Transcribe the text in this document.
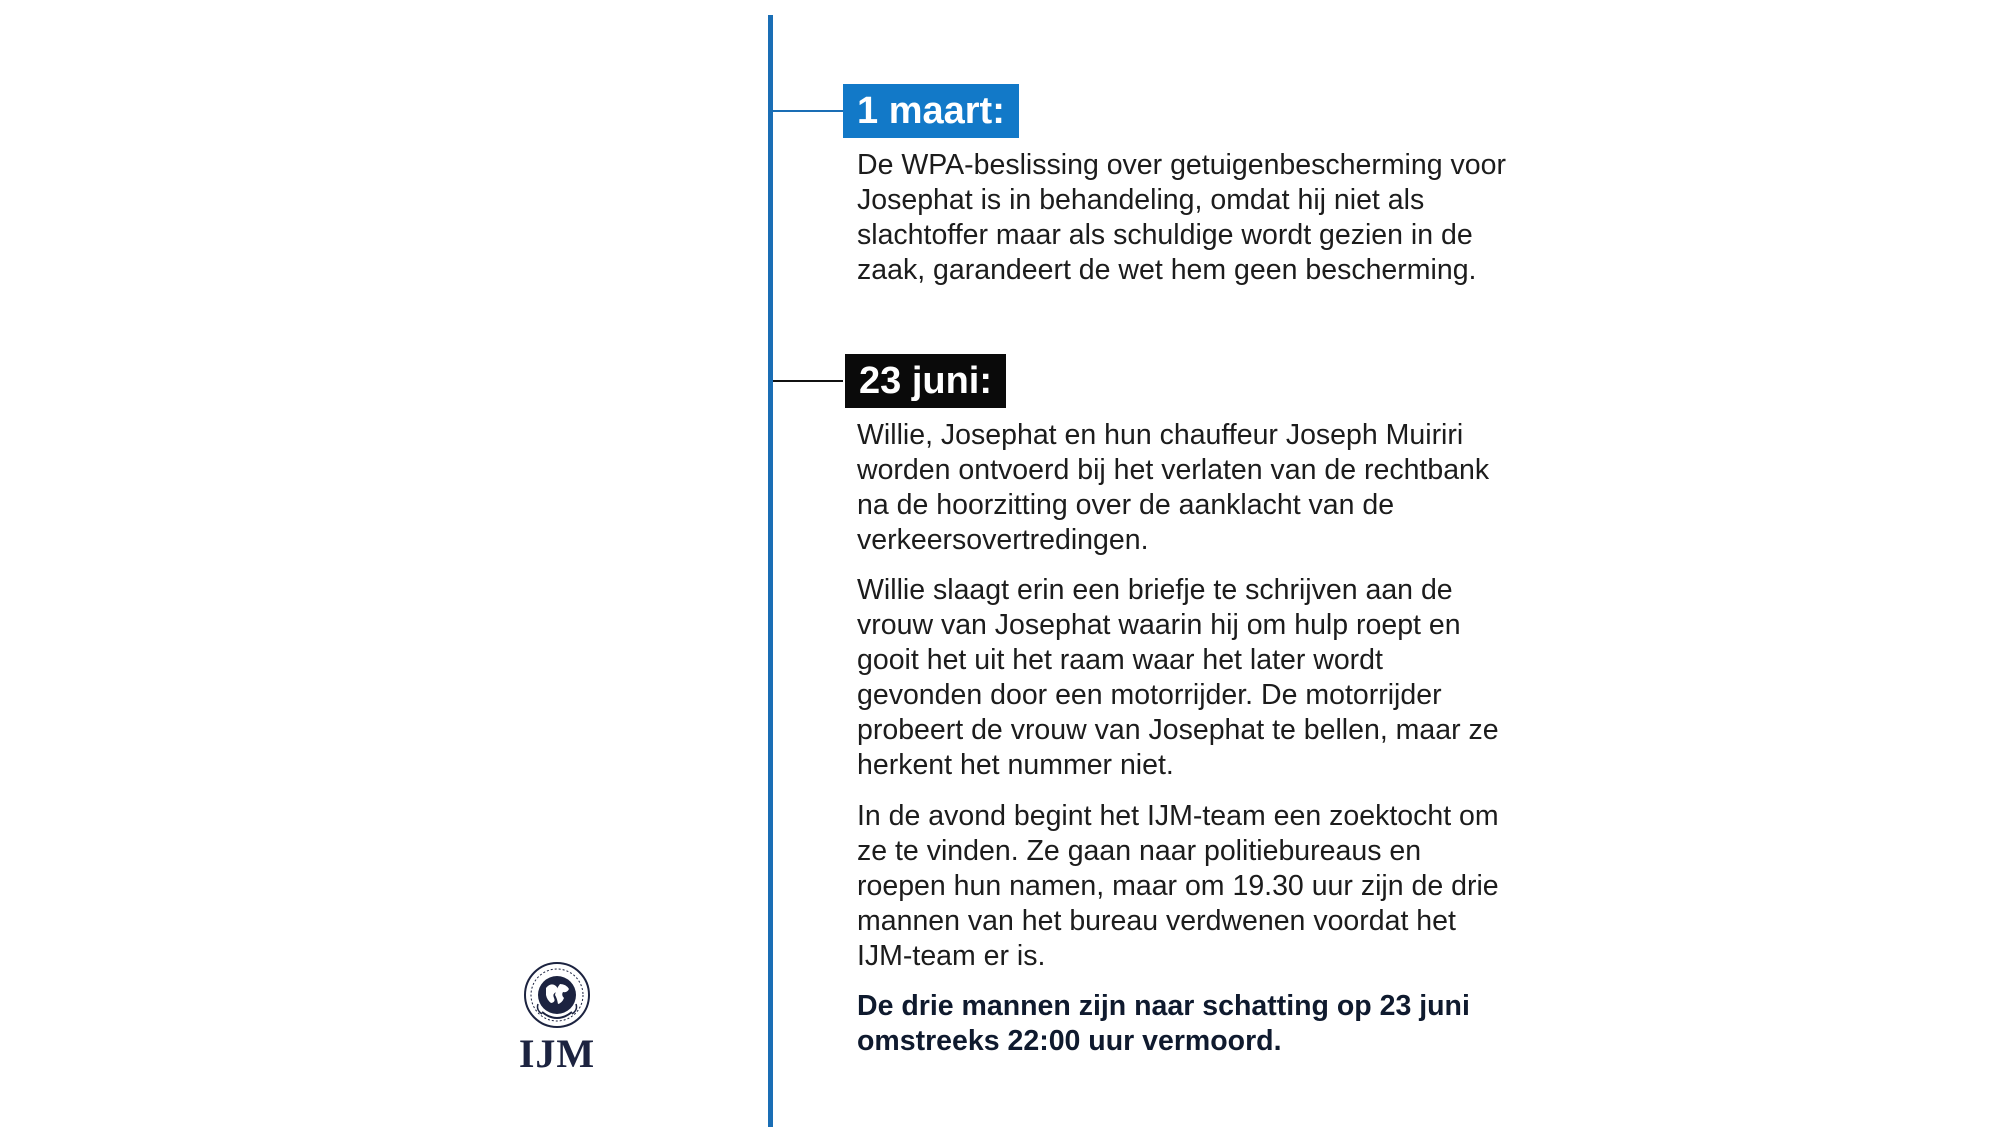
1 maart:

De WPA-beslissing over getuigenbescherming voor Josephat is in behandeling, omdat hij niet als slachtoffer maar als schuldige wordt gezien in de zaak, garandeert de wet hem geen bescherming.

23 juni:

Willie, Josephat en hun chauffeur Joseph Muiriri worden ontvoerd bij het verlaten van de rechtbank na de hoorzitting over de aanklacht van de verkeersovertredingen.

Willie slaagt erin een briefje te schrijven aan de vrouw van Josephat waarin hij om hulp roept en gooit het uit het raam waar het later wordt gevonden door een motorrijder. De motorrijder probeert de vrouw van Josephat te bellen, maar ze herkent het nummer niet.

In de avond begint het IJM-team een zoektocht om ze te vinden. Ze gaan naar politiebureaus en roepen hun namen, maar om 19.30 uur zijn de drie mannen van het bureau verdwenen voordat het IJM-team er is.

De drie mannen zijn naar schatting op 23 juni omstreeks 22:00 uur vermoord.

IJM
